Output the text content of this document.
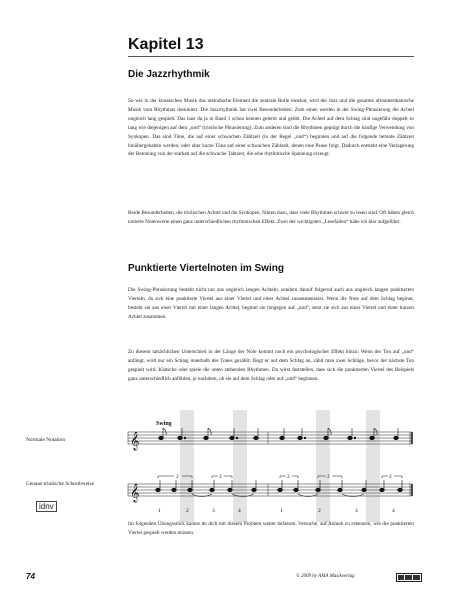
Kapitel 13
Die Jazzrhythmik

So wie in der klassischen Musik das melodische Element die zentrale Rolle innehat, wird der Jazz und die gesamte afroamerikanische Musik vom Rhythmus dominiert. Die Jazzrhythmik hat zwei Besonderheiten: Zum einen werden in der Swing-Phrasierung die Achtel ungleich lang gespielt. Das hast du ja in Band 1 schon kennen gelernt und geübt. Die Achtel auf dem Schlag sind ungefähr doppelt so lang wie diejenigen auf dem „und“ (triolische Phrasierung). Zum anderen sind die Rhythmen geprägt durch die häufige Verwendung von Synkopen. Das sind Töne, die auf einer schwachen Zählzeit (in der Regel „und“) beginnen und auf die folgende betonte Zählzeit hinübergehalten werden; oder aber kurze Töne auf einer schwachen Zählzeit, denen eine Pause folgt. Dadurch entsteht eine Verlagerung der Betonung von der starken auf die schwache Taktzeit, die eine rhythmische Spannung erzeugt.

Beide Besonderheiten, die triolischen Achtel und die Synkopen, führen dazu, dass viele Rhythmen schwer zu lesen sind. Oft haben gleich notierte Notenwerte einen ganz unterschiedlichen rhythmischen Effekt. Zwei der wichtigsten „Lesefallen“ habe ich hier aufgeführt.

Punktierte Viertelnoten im Swing

Die Swing-Phrasierung besteht nicht nur aus ungleich langen Achteln, sondern darauf folgernd auch aus ungleich langen punktierten Vierteln, da sich eine punktierte Viertel aus einer Viertel und einer Achtel zusammensetzt. Wenn die Note auf dem Schlag beginnt, besteht sie aus einer Viertel mit einer langen Achtel, beginnt sie hingegen auf „und“, setzt sie sich aus einer Viertel und einer kurzen Achtel zusammen.

Zu diesem tatsächlichen Unterschied in der Länge der Note kommt noch ein psychologischer Effekt hinzu: Wenn der Ton auf „und“ anfängt, wird nur ein Schlag innerhalb des Tones gezählt; fängt er auf dem Schlag an, zählt man zwei Schläge, bevor der nächste Ton gespielt wird. Klatsche oder spiele die unten stehenden Rhythmen. Du wirst feststellen, dass sich die punktierten Viertel des Beispiels ganz unterschiedlich anfühlen, je nachdem, ob sie auf dem Schlag oder auf „und“ beginnen.

Normale Notation
Genaue triolische Schreibweise
Swing
𝄞
𝄞
3	3	3	3	3
1	2	3	4	1	2	3	4
idnv

Im folgenden Übungsstück kannst du dich mit diesem Problem weiter befassen. Versuche, auf Anhieb zu erkennen, wie die punktierten Viertel gespielt werden müssen.

74	© 2009 by AMA Musikverlag
